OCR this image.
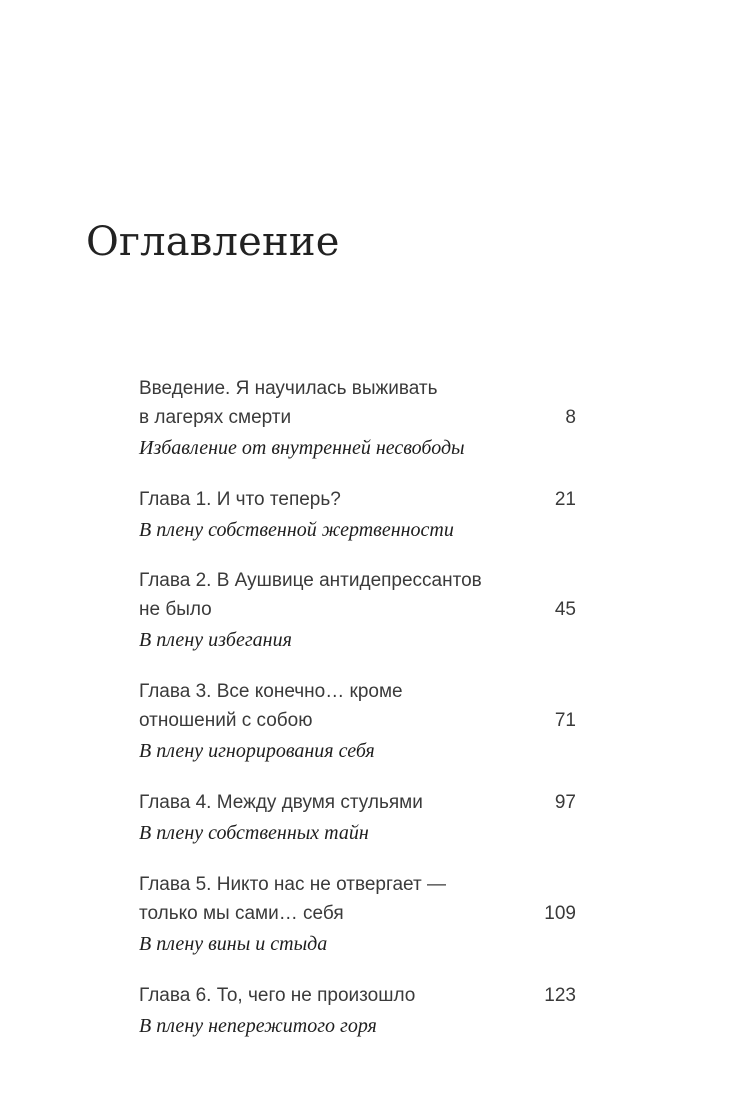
Оглавление
Введение. Я научилась выживать
в лагерях смерти	8
Избавление от внутренней несвободы
Глава 1. И что теперь?	21
В плену собственной жертвенности
Глава 2. В Аушвице антидепрессантов
не было	45
В плену избегания
Глава 3. Все конечно… кроме
отношений с собою	71
В плену игнорирования себя
Глава 4. Между двумя стульями	97
В плену собственных тайн
Глава 5. Никто нас не отвергает —
только мы сами… себя	109
В плену вины и стыда
Глава 6. То, чего не произошло	123
В плену непережитого горя
